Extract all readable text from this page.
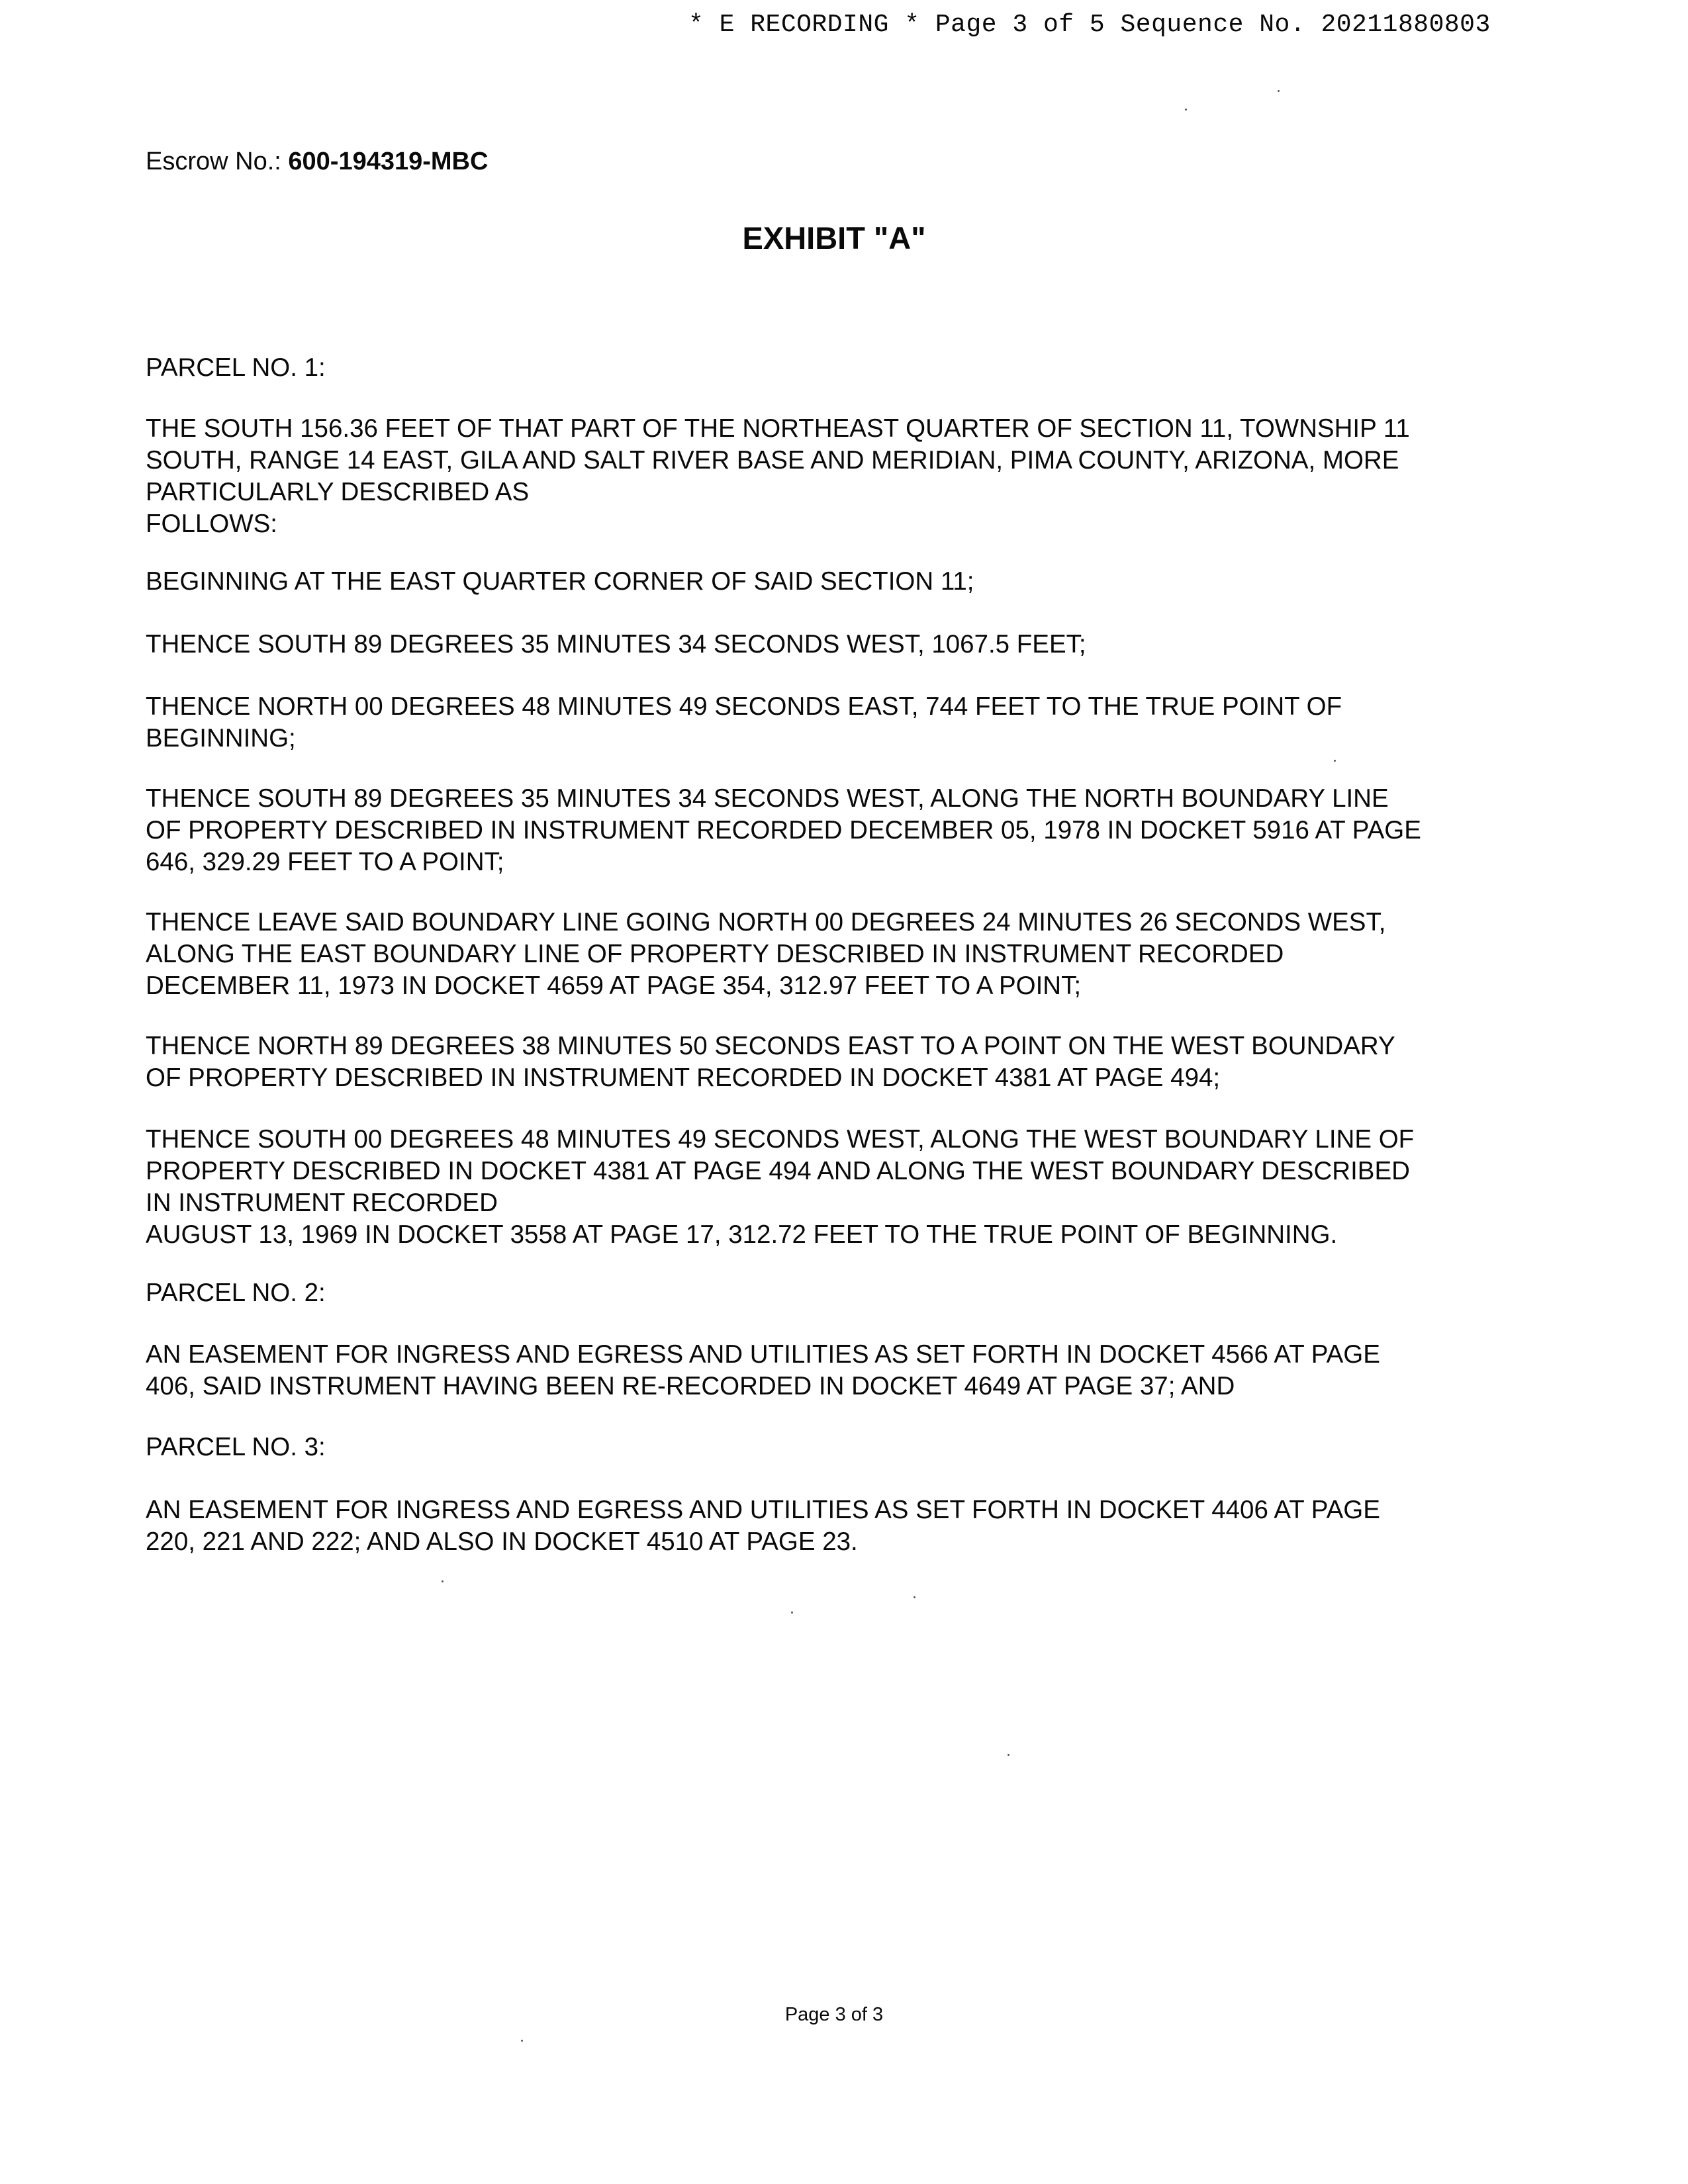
* E RECORDING * Page 3 of 5 Sequence No. 20211880803
Escrow No.: 600-194319-MBC
EXHIBIT "A"
PARCEL NO. 1:
THE SOUTH 156.36 FEET OF THAT PART OF THE NORTHEAST QUARTER OF SECTION 11, TOWNSHIP 11
SOUTH, RANGE 14 EAST, GILA AND SALT RIVER BASE AND MERIDIAN, PIMA COUNTY, ARIZONA, MORE
PARTICULARLY DESCRIBED AS
FOLLOWS:
BEGINNING AT THE EAST QUARTER CORNER OF SAID SECTION 11;
THENCE SOUTH 89 DEGREES 35 MINUTES 34 SECONDS WEST, 1067.5 FEET;
THENCE NORTH 00 DEGREES 48 MINUTES 49 SECONDS EAST, 744 FEET TO THE TRUE POINT OF
BEGINNING;
THENCE SOUTH 89 DEGREES 35 MINUTES 34 SECONDS WEST, ALONG THE NORTH BOUNDARY LINE
OF PROPERTY DESCRIBED IN INSTRUMENT RECORDED DECEMBER 05, 1978 IN DOCKET 5916 AT PAGE
646, 329.29 FEET TO A POINT;
THENCE LEAVE SAID BOUNDARY LINE GOING NORTH 00 DEGREES 24 MINUTES 26 SECONDS WEST,
ALONG THE EAST BOUNDARY LINE OF PROPERTY DESCRIBED IN INSTRUMENT RECORDED
DECEMBER 11, 1973 IN DOCKET 4659 AT PAGE 354, 312.97 FEET TO A POINT;
THENCE NORTH 89 DEGREES 38 MINUTES 50 SECONDS EAST TO A POINT ON THE WEST BOUNDARY
OF PROPERTY DESCRIBED IN INSTRUMENT RECORDED IN DOCKET 4381 AT PAGE 494;
THENCE SOUTH 00 DEGREES 48 MINUTES 49 SECONDS WEST, ALONG THE WEST BOUNDARY LINE OF
PROPERTY DESCRIBED IN DOCKET 4381 AT PAGE 494 AND ALONG THE WEST BOUNDARY DESCRIBED
IN INSTRUMENT RECORDED
AUGUST 13, 1969 IN DOCKET 3558 AT PAGE 17, 312.72 FEET TO THE TRUE POINT OF BEGINNING.
PARCEL NO. 2:
AN EASEMENT FOR INGRESS AND EGRESS AND UTILITIES AS SET FORTH IN DOCKET 4566 AT PAGE
406, SAID INSTRUMENT HAVING BEEN RE-RECORDED IN DOCKET 4649 AT PAGE 37; AND
PARCEL NO. 3:
AN EASEMENT FOR INGRESS AND EGRESS AND UTILITIES AS SET FORTH IN DOCKET 4406 AT PAGE
220, 221 AND 222; AND ALSO IN DOCKET 4510 AT PAGE 23.
Page 3 of 3
